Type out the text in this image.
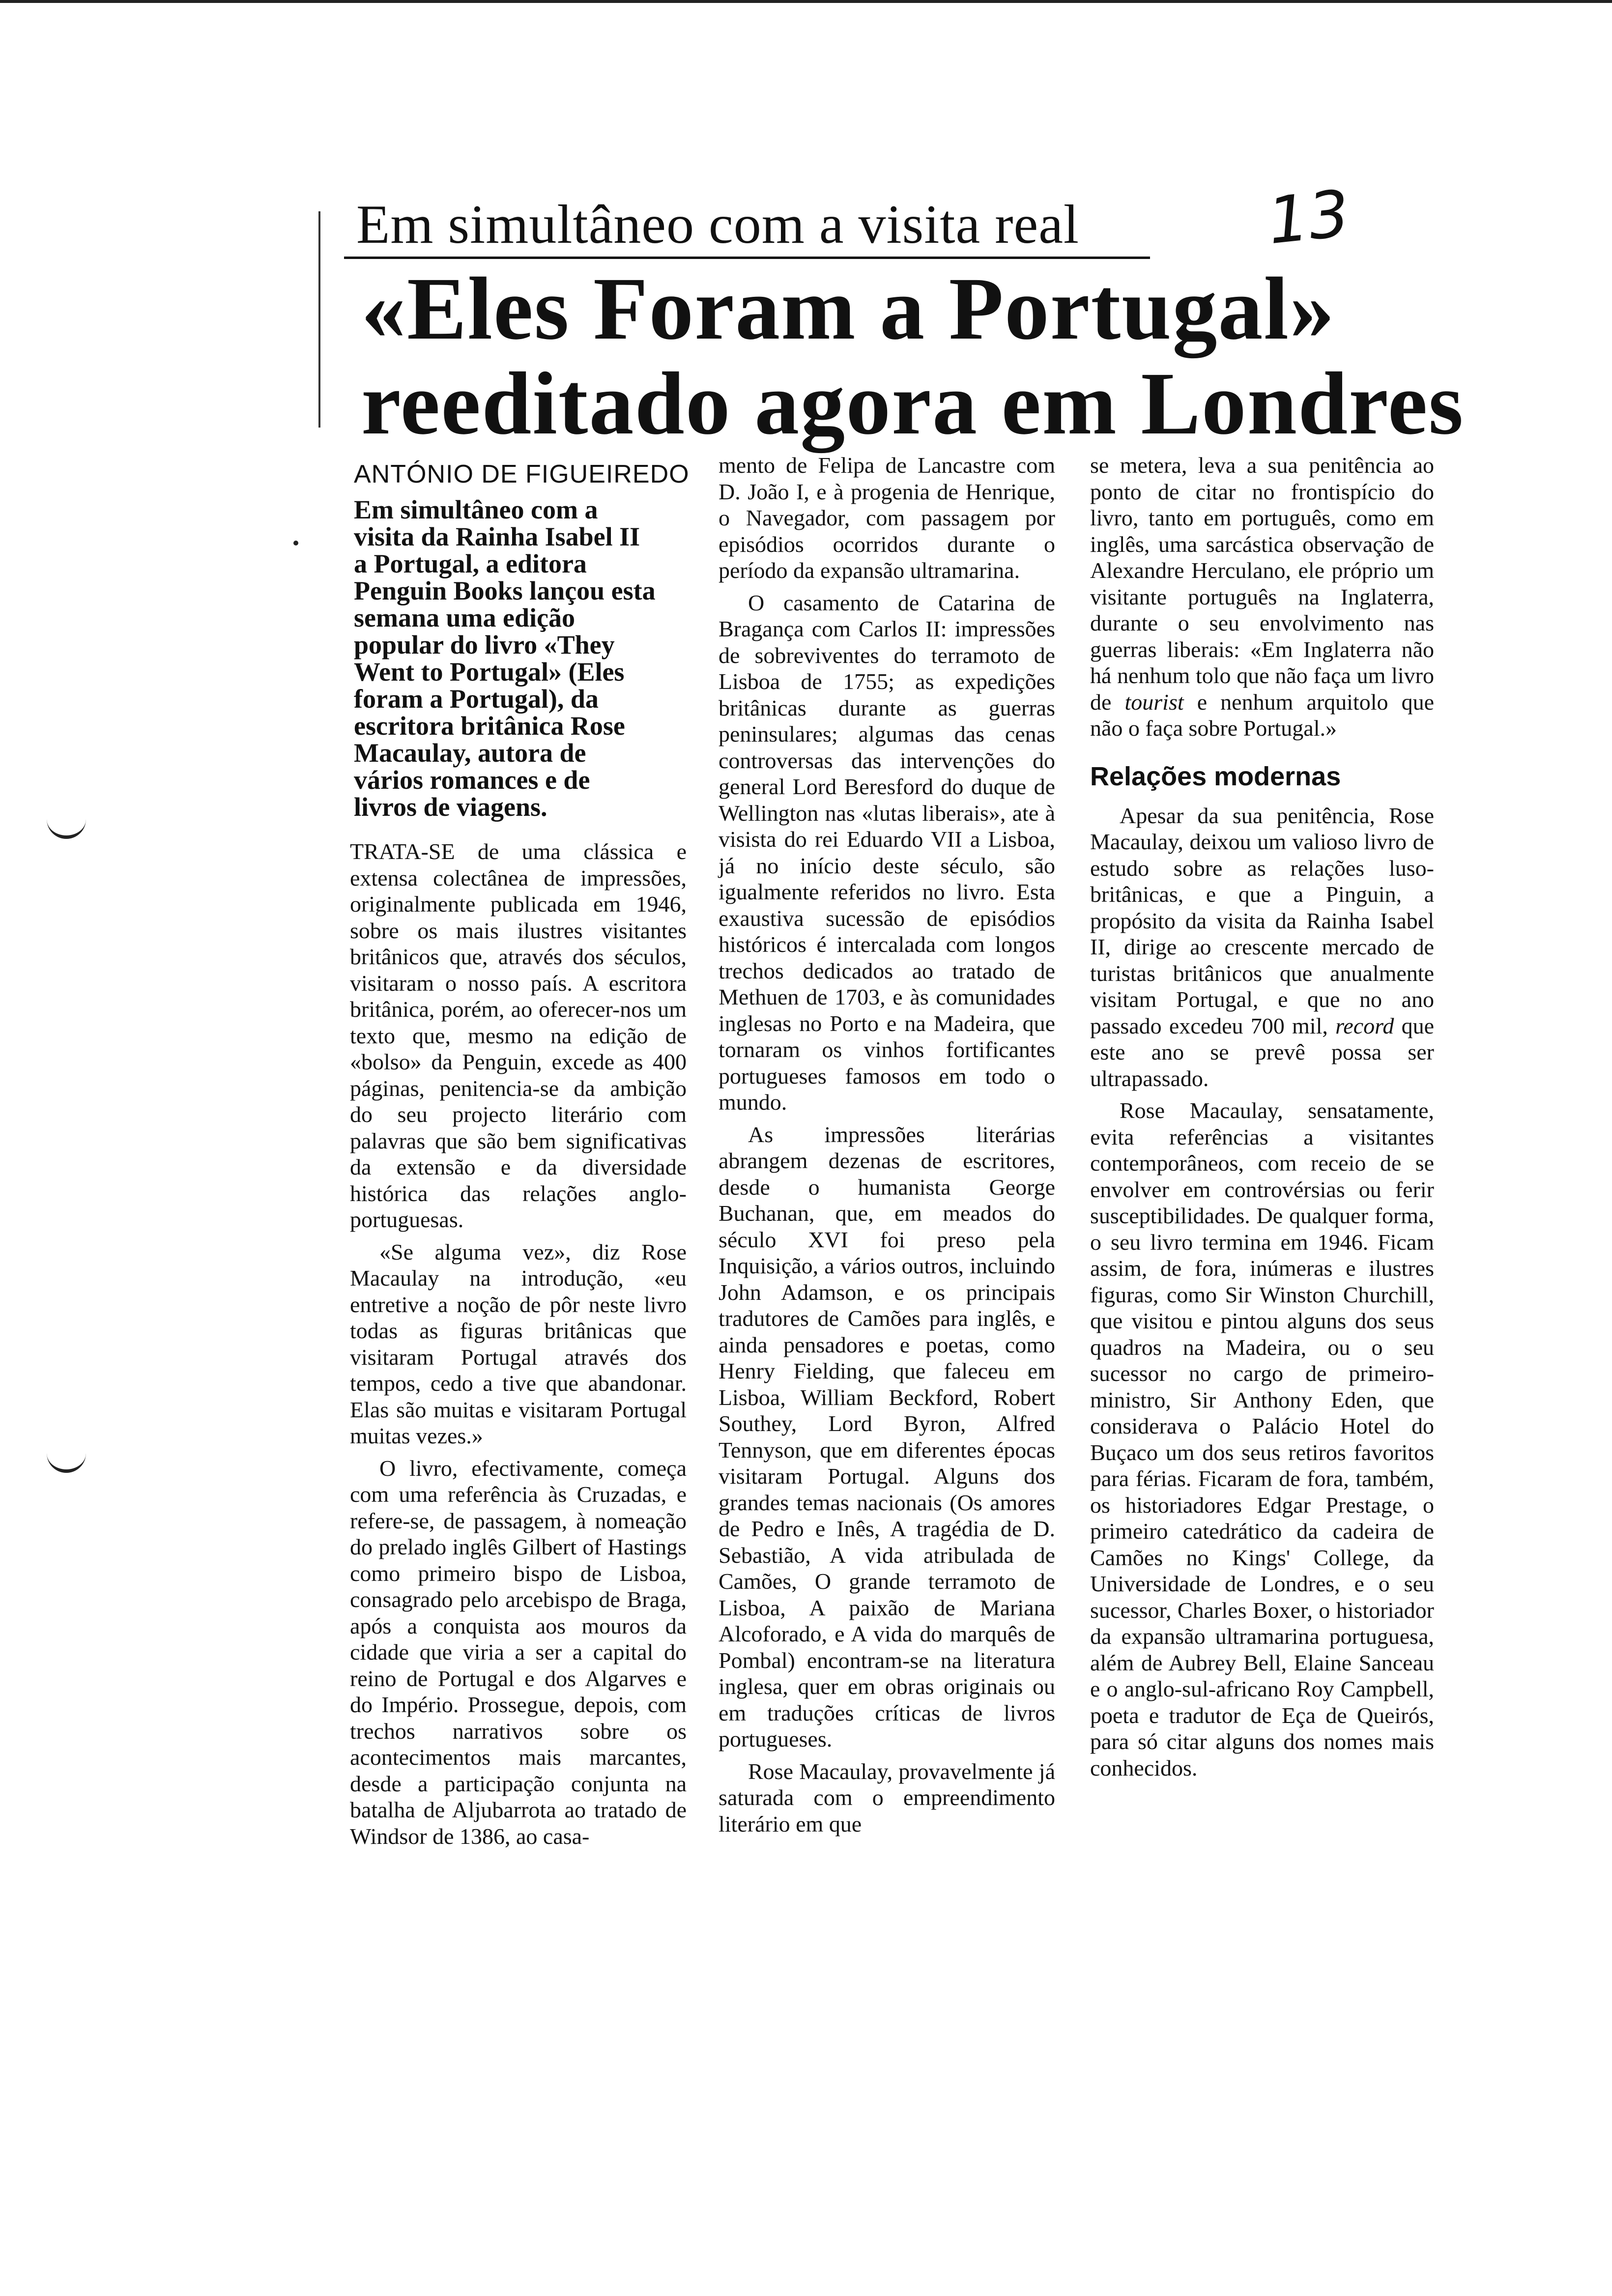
Em simultâneo com a visita real	13
«Eles Foram a Portugal»
reeditado agora em Londres
ANTÓNIO DE FIGUEIREDO
Em simultâneo com a visita da Rainha Isabel II a Portugal, a editora Penguin Books lançou esta semana uma edição popular do livro «They Went to Portugal» (Eles foram a Portugal), da escritora britânica Rose Macaulay, autora de vários romances e de livros de viagens.

TRATA-SE de uma clássica e extensa colectânea de impressões, originalmente publicada em 1946, sobre os mais ilustres visitantes britânicos que, através dos séculos, visitaram o nosso país. A escritora britânica, porém, ao oferecer-nos um texto que, mesmo na edição de «bolso» da Penguin, excede as 400 páginas, penitencia-se da ambição do seu projecto literário com palavras que são bem significativas da extensão e da diversidade histórica das relações anglo-portuguesas.

«Se alguma vez», diz Rose Macaulay na introdução, «eu entretive a noção de pôr neste livro todas as figuras britânicas que visitaram Portugal através dos tempos, cedo a tive que abandonar. Elas são muitas e visitaram Portugal muitas vezes.»

O livro, efectivamente, começa com uma referência às Cruzadas, e refere-se, de passagem, à nomeação do prelado inglês Gilbert of Hastings como primeiro bispo de Lisboa, consagrado pelo arcebispo de Braga, após a conquista aos mouros da cidade que viria a ser a capital do reino de Portugal e dos Algarves e do Império. Prossegue, depois, com trechos narrativos sobre os acontecimentos mais marcantes, desde a participação conjunta na batalha de Aljubarrota ao tratado de Windsor de 1386, ao casa-

mento de Felipa de Lancastre com D. João I, e à progenia de Henrique, o Navegador, com passagem por episódios ocorridos durante o período da expansão ultramarina.

O casamento de Catarina de Bragança com Carlos II: impressões de sobreviventes do terramoto de Lisboa de 1755; as expedições britânicas durante as guerras peninsulares; algumas das cenas controversas das intervenções do general Lord Beresford do duque de Wellington nas «lutas liberais», ate à visista do rei Eduardo VII a Lisboa, já no início deste século, são igualmente referidos no livro. Esta exaustiva sucessão de episódios históricos é intercalada com longos trechos dedicados ao tratado de Methuen de 1703, e às comunidades inglesas no Porto e na Madeira, que tornaram os vinhos fortificantes portugueses famosos em todo o mundo.

As impressões literárias abrangem dezenas de escritores, desde o humanista George Buchanan, que, em meados do século XVI foi preso pela Inquisição, a vários outros, incluindo John Adamson, e os principais tradutores de Camões para inglês, e ainda pensadores e poetas, como Henry Fielding, que faleceu em Lisboa, William Beckford, Robert Southey, Lord Byron, Alfred Tennyson, que em diferentes épocas visitaram Portugal. Alguns dos grandes temas nacionais (Os amores de Pedro e Inês, A tragédia de D. Sebastião, A vida atribulada de Camões, O grande terramoto de Lisboa, A paixão de Mariana Alcoforado, e A vida do marquês de Pombal) encontram-se na literatura inglesa, quer em obras originais ou em traduções críticas de livros portugueses.

Rose Macaulay, provavelmente já saturada com o empreendimento literário em que

se metera, leva a sua penitência ao ponto de citar no frontispício do livro, tanto em português, como em inglês, uma sarcástica observação de Alexandre Herculano, ele próprio um visitante português na Inglaterra, durante o seu envolvimento nas guerras liberais: «Em Inglaterra não há nenhum tolo que não faça um livro de tourist e nenhum arquitolo que não o faça sobre Portugal.»

Relações modernas

Apesar da sua penitência, Rose Macaulay, deixou um valioso livro de estudo sobre as relações luso-britânicas, e que a Pinguin, a propósito da visita da Rainha Isabel II, dirige ao crescente mercado de turistas britânicos que anualmente visitam Portugal, e que no ano passado excedeu 700 mil, record que este ano se prevê possa ser ultrapassado.

Rose Macaulay, sensatamente, evita referências a visitantes contemporâneos, com receio de se envolver em controvérsias ou ferir susceptibilidades. De qualquer forma, o seu livro termina em 1946. Ficam assim, de fora, inúmeras e ilustres figuras, como Sir Winston Churchill, que visitou e pintou alguns dos seus quadros na Madeira, ou o seu sucessor no cargo de primeiro-ministro, Sir Anthony Eden, que considerava o Palácio Hotel do Buçaco um dos seus retiros favoritos para férias. Ficaram de fora, também, os historiadores Edgar Prestage, o primeiro catedrático da cadeira de Camões no Kings' College, da Universidade de Londres, e o seu sucessor, Charles Boxer, o historiador da expansão ultramarina portuguesa, além de Aubrey Bell, Elaine Sanceau e o anglo-sul-africano Roy Campbell, poeta e tradutor de Eça de Queirós, para só citar alguns dos nomes mais conhecidos.
